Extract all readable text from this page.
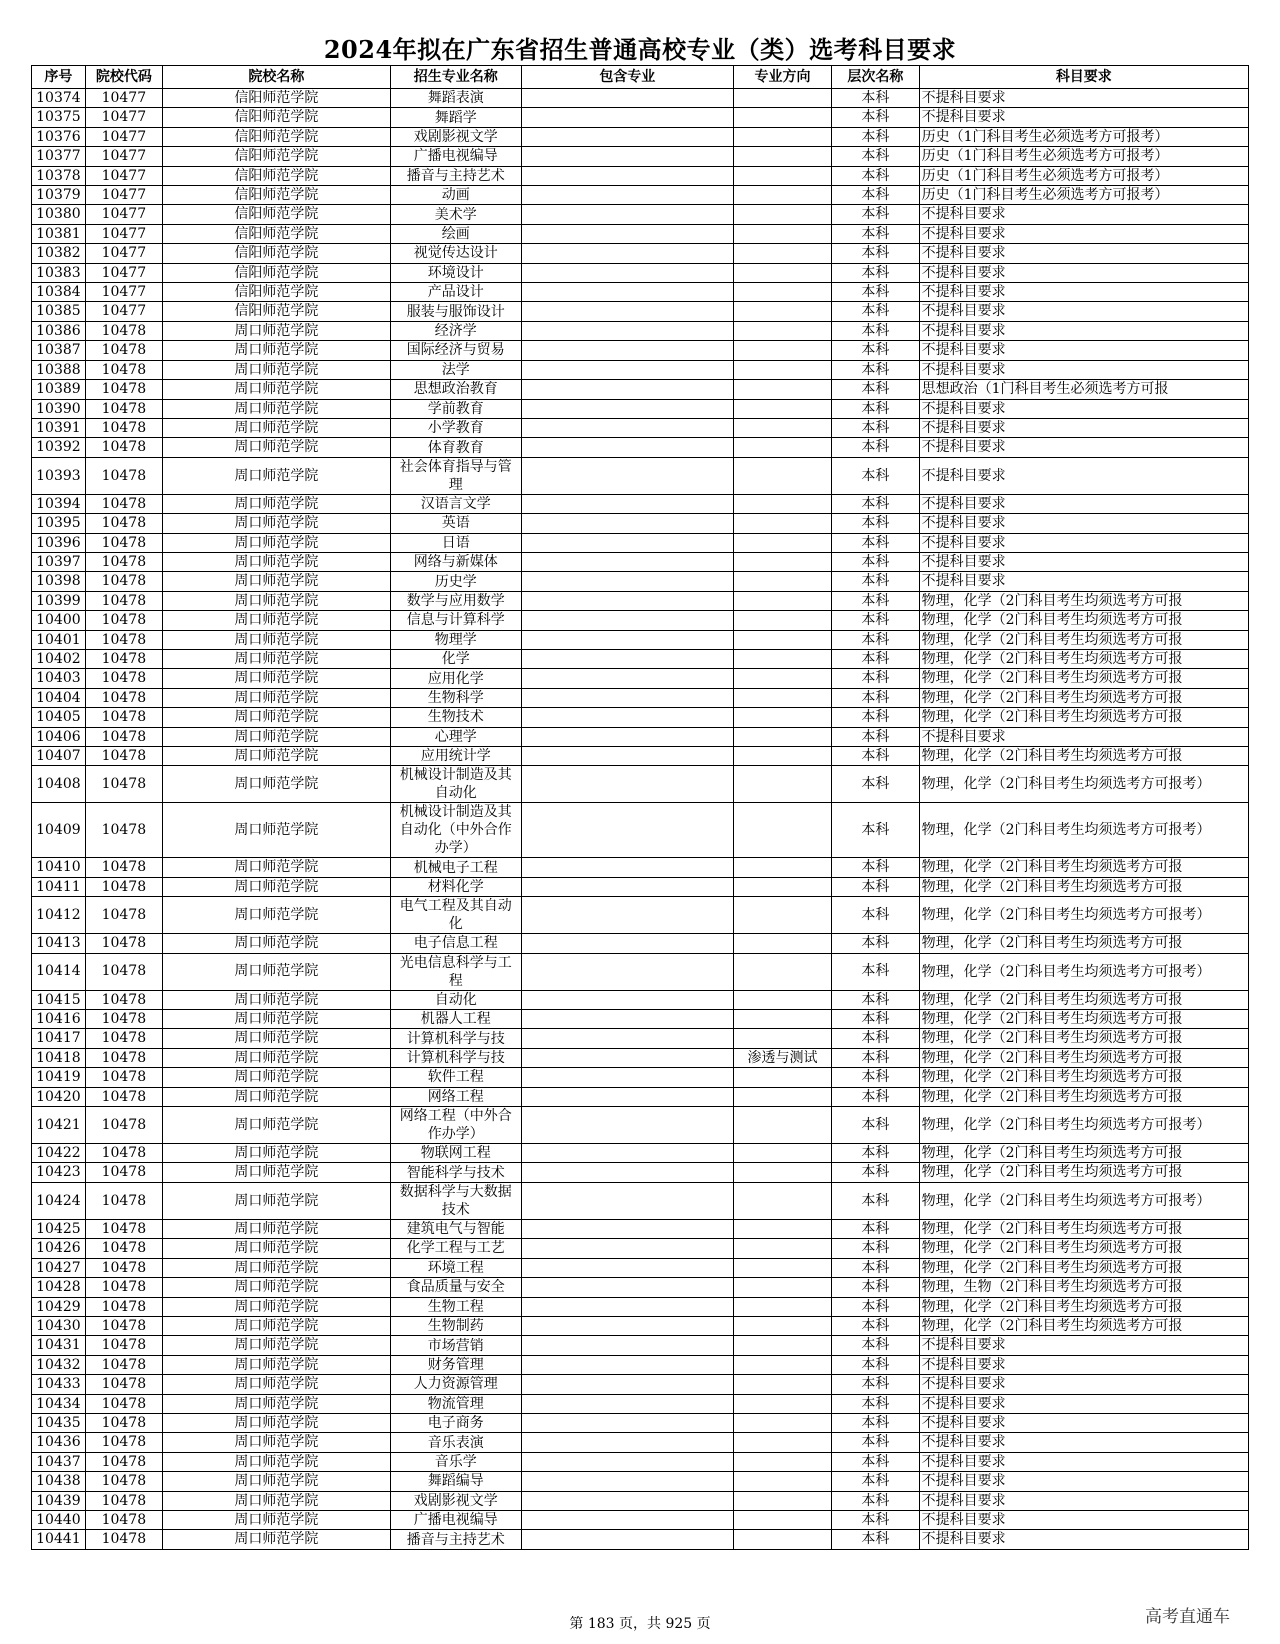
2024年拟在广东省招生普通高校专业（类）选考科目要求
序号	院校代码	院校名称	招生专业名称	包含专业	专业方向	层次名称	科目要求
10374	10477	信阳师范学院	舞蹈表演			本科	不提科目要求
10375	10477	信阳师范学院	舞蹈学			本科	不提科目要求
10376	10477	信阳师范学院	戏剧影视文学			本科	历史（1门科目考生必须选考方可报考）
10377	10477	信阳师范学院	广播电视编导			本科	历史（1门科目考生必须选考方可报考）
10378	10477	信阳师范学院	播音与主持艺术			本科	历史（1门科目考生必须选考方可报考）
10379	10477	信阳师范学院	动画			本科	历史（1门科目考生必须选考方可报考）
10380	10477	信阳师范学院	美术学			本科	不提科目要求
10381	10477	信阳师范学院	绘画			本科	不提科目要求
10382	10477	信阳师范学院	视觉传达设计			本科	不提科目要求
10383	10477	信阳师范学院	环境设计			本科	不提科目要求
10384	10477	信阳师范学院	产品设计			本科	不提科目要求
10385	10477	信阳师范学院	服装与服饰设计			本科	不提科目要求
10386	10478	周口师范学院	经济学			本科	不提科目要求
10387	10478	周口师范学院	国际经济与贸易			本科	不提科目要求
10388	10478	周口师范学院	法学			本科	不提科目要求
10389	10478	周口师范学院	思想政治教育			本科	思想政治（1门科目考生必须选考方可报
10390	10478	周口师范学院	学前教育			本科	不提科目要求
10391	10478	周口师范学院	小学教育			本科	不提科目要求
10392	10478	周口师范学院	体育教育			本科	不提科目要求
10393	10478	周口师范学院	社会体育指导与管理			本科	不提科目要求
10394	10478	周口师范学院	汉语言文学			本科	不提科目要求
10395	10478	周口师范学院	英语			本科	不提科目要求
10396	10478	周口师范学院	日语			本科	不提科目要求
10397	10478	周口师范学院	网络与新媒体			本科	不提科目要求
10398	10478	周口师范学院	历史学			本科	不提科目要求
10399	10478	周口师范学院	数学与应用数学			本科	物理，化学（2门科目考生均须选考方可报
10400	10478	周口师范学院	信息与计算科学			本科	物理，化学（2门科目考生均须选考方可报
10401	10478	周口师范学院	物理学			本科	物理，化学（2门科目考生均须选考方可报
10402	10478	周口师范学院	化学			本科	物理，化学（2门科目考生均须选考方可报
10403	10478	周口师范学院	应用化学			本科	物理，化学（2门科目考生均须选考方可报
10404	10478	周口师范学院	生物科学			本科	物理，化学（2门科目考生均须选考方可报
10405	10478	周口师范学院	生物技术			本科	物理，化学（2门科目考生均须选考方可报
10406	10478	周口师范学院	心理学			本科	不提科目要求
10407	10478	周口师范学院	应用统计学			本科	物理，化学（2门科目考生均须选考方可报
10408	10478	周口师范学院	机械设计制造及其自动化			本科	物理，化学（2门科目考生均须选考方可报考）
10409	10478	周口师范学院	机械设计制造及其自动化（中外合作办学）			本科	物理，化学（2门科目考生均须选考方可报考）
10410	10478	周口师范学院	机械电子工程			本科	物理，化学（2门科目考生均须选考方可报
10411	10478	周口师范学院	材料化学			本科	物理，化学（2门科目考生均须选考方可报
10412	10478	周口师范学院	电气工程及其自动化			本科	物理，化学（2门科目考生均须选考方可报考）
10413	10478	周口师范学院	电子信息工程			本科	物理，化学（2门科目考生均须选考方可报
10414	10478	周口师范学院	光电信息科学与工程			本科	物理，化学（2门科目考生均须选考方可报考）
10415	10478	周口师范学院	自动化			本科	物理，化学（2门科目考生均须选考方可报
10416	10478	周口师范学院	机器人工程			本科	物理，化学（2门科目考生均须选考方可报
10417	10478	周口师范学院	计算机科学与技			本科	物理，化学（2门科目考生均须选考方可报
10418	10478	周口师范学院	计算机科学与技		渗透与测试	本科	物理，化学（2门科目考生均须选考方可报
10419	10478	周口师范学院	软件工程			本科	物理，化学（2门科目考生均须选考方可报
10420	10478	周口师范学院	网络工程			本科	物理，化学（2门科目考生均须选考方可报
10421	10478	周口师范学院	网络工程（中外合作办学）			本科	物理，化学（2门科目考生均须选考方可报考）
10422	10478	周口师范学院	物联网工程			本科	物理，化学（2门科目考生均须选考方可报
10423	10478	周口师范学院	智能科学与技术			本科	物理，化学（2门科目考生均须选考方可报
10424	10478	周口师范学院	数据科学与大数据技术			本科	物理，化学（2门科目考生均须选考方可报考）
10425	10478	周口师范学院	建筑电气与智能			本科	物理，化学（2门科目考生均须选考方可报
10426	10478	周口师范学院	化学工程与工艺			本科	物理，化学（2门科目考生均须选考方可报
10427	10478	周口师范学院	环境工程			本科	物理，化学（2门科目考生均须选考方可报
10428	10478	周口师范学院	食品质量与安全			本科	物理，生物（2门科目考生均须选考方可报
10429	10478	周口师范学院	生物工程			本科	物理，化学（2门科目考生均须选考方可报
10430	10478	周口师范学院	生物制药			本科	物理，化学（2门科目考生均须选考方可报
10431	10478	周口师范学院	市场营销			本科	不提科目要求
10432	10478	周口师范学院	财务管理			本科	不提科目要求
10433	10478	周口师范学院	人力资源管理			本科	不提科目要求
10434	10478	周口师范学院	物流管理			本科	不提科目要求
10435	10478	周口师范学院	电子商务			本科	不提科目要求
10436	10478	周口师范学院	音乐表演			本科	不提科目要求
10437	10478	周口师范学院	音乐学			本科	不提科目要求
10438	10478	周口师范学院	舞蹈编导			本科	不提科目要求
10439	10478	周口师范学院	戏剧影视文学			本科	不提科目要求
10440	10478	周口师范学院	广播电视编导			本科	不提科目要求
10441	10478	周口师范学院	播音与主持艺术			本科	不提科目要求
第 183 页，共 925 页	高考直通车
